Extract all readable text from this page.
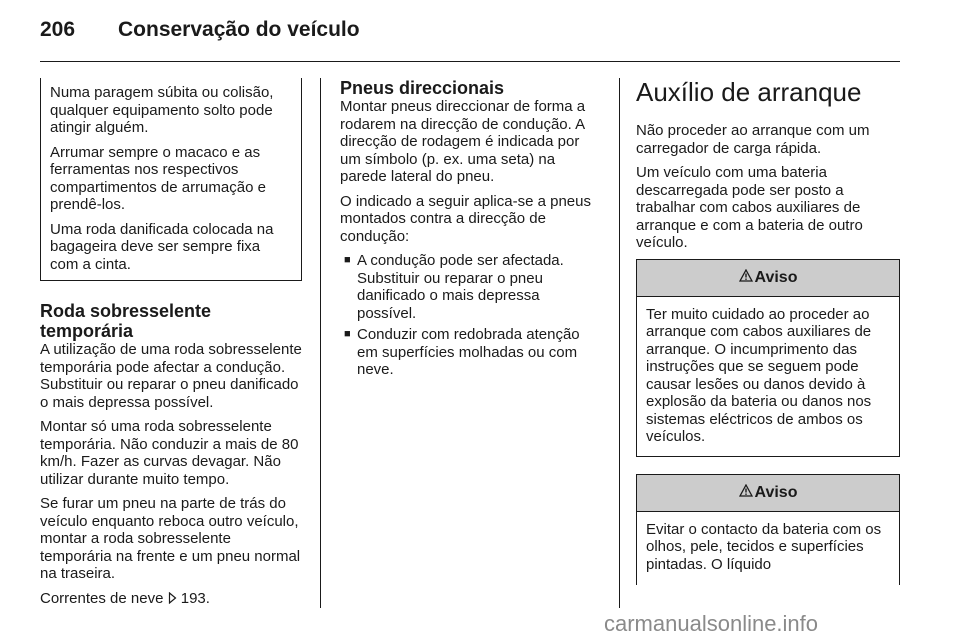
206 Conservação do veículo

Numa paragem súbita ou colisão, qualquer equipamento solto pode atingir alguém.

Arrumar sempre o macaco e as ferramentas nos respectivos compartimentos de arrumação e prendê-los.

Uma roda danificada colocada na bagageira deve ser sempre fixa com a cinta.

Roda sobresselente temporária

A utilização de uma roda sobresselente temporária pode afectar a condução. Substituir ou reparar o pneu danificado o mais depressa possível.

Montar só uma roda sobresselente temporária. Não conduzir a mais de 80 km/h. Fazer as curvas devagar. Não utilizar durante muito tempo.

Se furar um pneu na parte de trás do veículo enquanto reboca outro veículo, montar a roda sobresselente temporária na frente e um pneu normal na traseira.

Correntes de neve 193.

Pneus direccionais

Montar pneus direccionar de forma a rodarem na direcção de condução. A direcção de rodagem é indicada por um símbolo (p. ex. uma seta) na parede lateral do pneu.

O indicado a seguir aplica-se a pneus montados contra a direcção de condução:

■ A condução pode ser afectada. Substituir ou reparar o pneu danificado o mais depressa possível.
■ Conduzir com redobrada atenção em superfícies molhadas ou com neve.
Auxílio de arranque

Não proceder ao arranque com um carregador de carga rápida.

Um veículo com uma bateria descarregada pode ser posto a trabalhar com cabos auxiliares de arranque e com a bateria de outro veículo.

Aviso
Ter muito cuidado ao proceder ao arranque com cabos auxiliares de arranque. O incumprimento das instruções que se seguem pode causar lesões ou danos devido à explosão da bateria ou danos nos sistemas eléctricos de ambos os veículos.
Aviso
Evitar o contacto da bateria com os olhos, pele, tecidos e superfícies pintadas. O líquido
carmanualsonline.info
